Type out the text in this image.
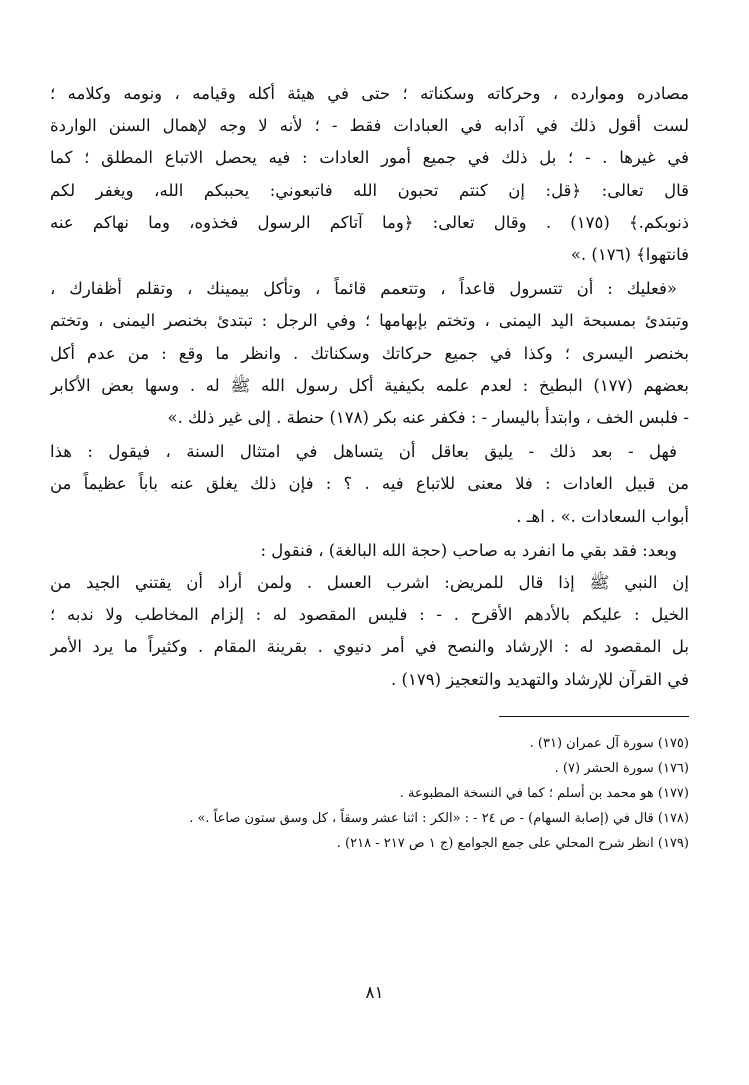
مصادره وموارده ، وحركاته وسكناته ؛ حتى في هيئة أكله وقيامه ، ونومه وكلامه ؛
لست أقول ذلك في آدابه في العبادات فقط - ؛ لأنه لا وجه لإهمال السنن الواردة
في غيرها . - ؛ بل ذلك في جميع أمور العادات : فيه يحصل الاتباع المطلق ؛ كما
قال تعالى: ﴿قل: إن كنتم تحبون الله فاتبعوني: يحببكم الله، ويغفر لكم
ذنوبكم.﴾ (١٧٥) . وقال تعالى: ﴿وما آتاكم الرسول فخذوه، وما نهاكم عنه
فانتهوا﴾ (١٧٦) .»
«فعليك : أن تتسرول قاعداً ، وتتعمم قائماً ، وتأكل بيمينك ، وتقلم أظفارك ،
وتبتدئ بمسبحة اليد اليمنى ، وتختم بإبهامها ؛ وفي الرجل : تبتدئ بخنصر اليمنى ، وتختم
بخنصر اليسرى ؛ وكذا في جميع حركاتك وسكناتك . وانظر ما وقع : من عدم أكل
بعضهم (١٧٧) البطيخ : لعدم علمه بكيفية أكل رسول الله ﷺ له . وسها بعض الأكابر
- فلبس الخف ، وابتدأ باليسار - : فكفر عنه بكر (١٧٨) حنطة . إلى غير ذلك .»
فهل - بعد ذلك - يليق بعاقل أن يتساهل في امتثال السنة ، فيقول : هذا
من قبيل العادات : فلا معنى للاتباع فيه . ؟ : فإن ذلك يغلق عنه باباً عظيماً من
أبواب السعادات .» . اهـ .
وبعد: فقد بقي ما انفرد به صاحب (حجة الله البالغة) ، فنقول :
إن النبي ﷺ إذا قال للمريض: اشرب العسل . ولمن أراد أن يقتني الجيد من
الخيل : عليكم بالأدهم الأقرح . - : فليس المقصود له : إلزام المخاطب ولا ندبه ؛
بل المقصود له : الإرشاد والنصح في أمر دنيوي . بقرينة المقام . وكثيراً ما يرد الأمر
في القرآن للإرشاد والتهديد والتعجيز (١٧٩) .
(١٧٥) سورة آل عمران (٣١) .
(١٧٦) سورة الحشر (٧) .
(١٧٧) هو محمد بن أسلم ؛ كما في النسخة المطبوعة .
(١٧٨) قال في (إصابة السهام) - ص ٢٤ - : «الكر : اثنا عشر وسقاً ، كل وسق ستون صاعاً .» .
(١٧٩) انظر شرح المحلي على جمع الجوامع (ج ١ ص ٢١٧ - ٢١٨) .
٨١
